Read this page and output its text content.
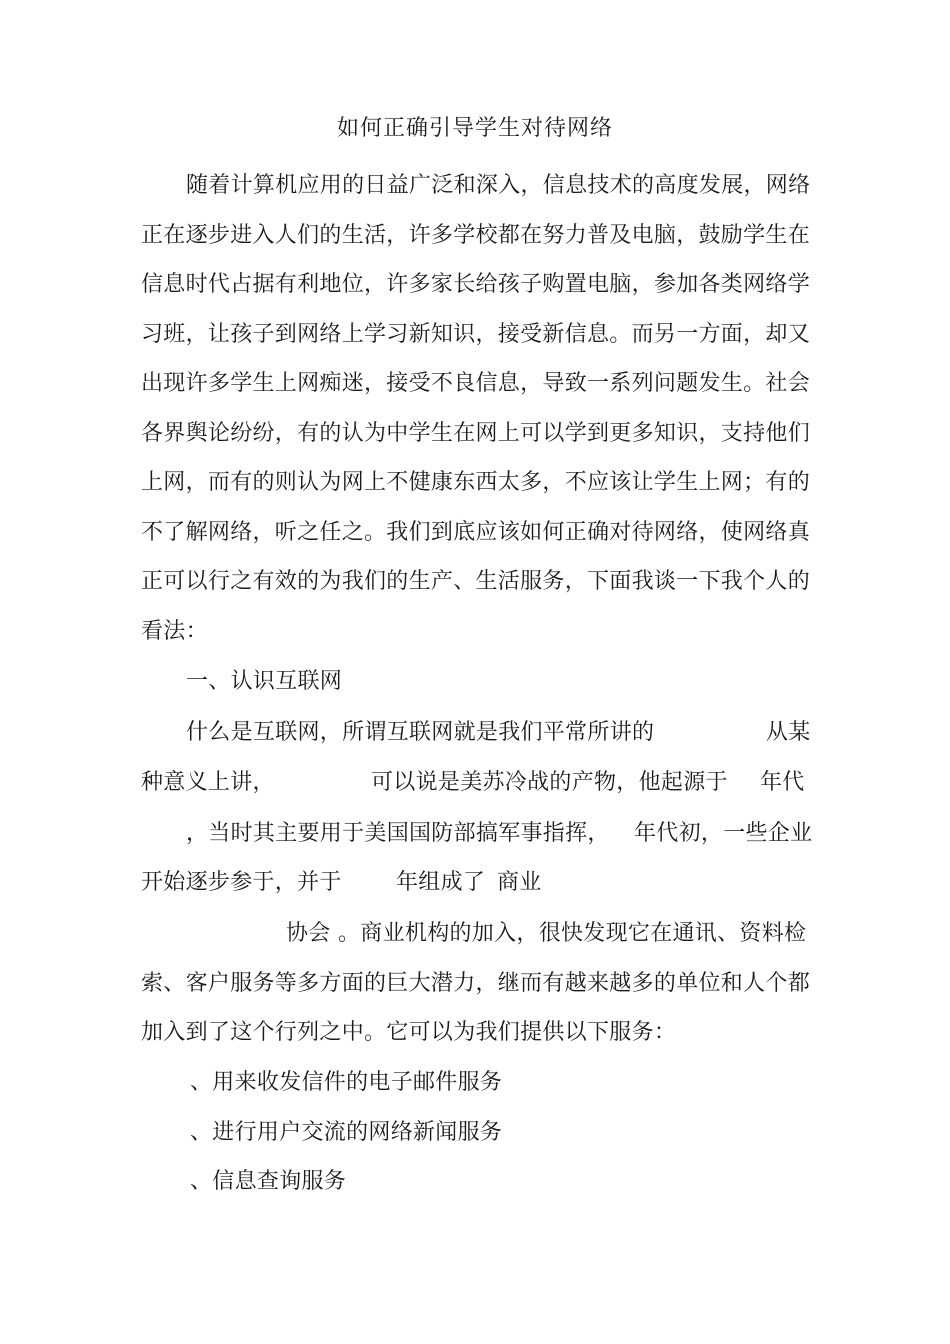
如何正确引导学生对待网络
随着计算机应用的日益广泛和深入，信息技术的高度发展，网络
正在逐步进入人们的生活，许多学校都在努力普及电脑，鼓励学生在
信息时代占据有利地位，许多家长给孩子购置电脑，参加各类网络学
习班，让孩子到网络上学习新知识，接受新信息。而另一方面，却又
出现许多学生上网痴迷，接受不良信息，导致一系列问题发生。社会
各界舆论纷纷，有的认为中学生在网上可以学到更多知识，支持他们
上网，而有的则认为网上不健康东西太多，不应该让学生上网；有的
不了解网络，听之任之。我们到底应该如何正确对待网络，使网络真
正可以行之有效的为我们的生产、生活服务，下面我谈一下我个人的
看法：
一、认识互联网
什么是互联网，所谓互联网就是我们平常所讲的	从某
种意义上讲，	可以说是美苏冷战的产物，他起源于 年代
，当时其主要用于美国国防部搞军事指挥， 年代初，一些企业
开始逐步参于，并于 年组成了 商业
协会 。商业机构的加入，很快发现它在通讯、资料检
索、客户服务等多方面的巨大潜力，继而有越来越多的单位和人个都
加入到了这个行列之中。它可以为我们提供以下服务：
、用来收发信件的电子邮件服务
、进行用户交流的网络新闻服务
、信息查询服务
